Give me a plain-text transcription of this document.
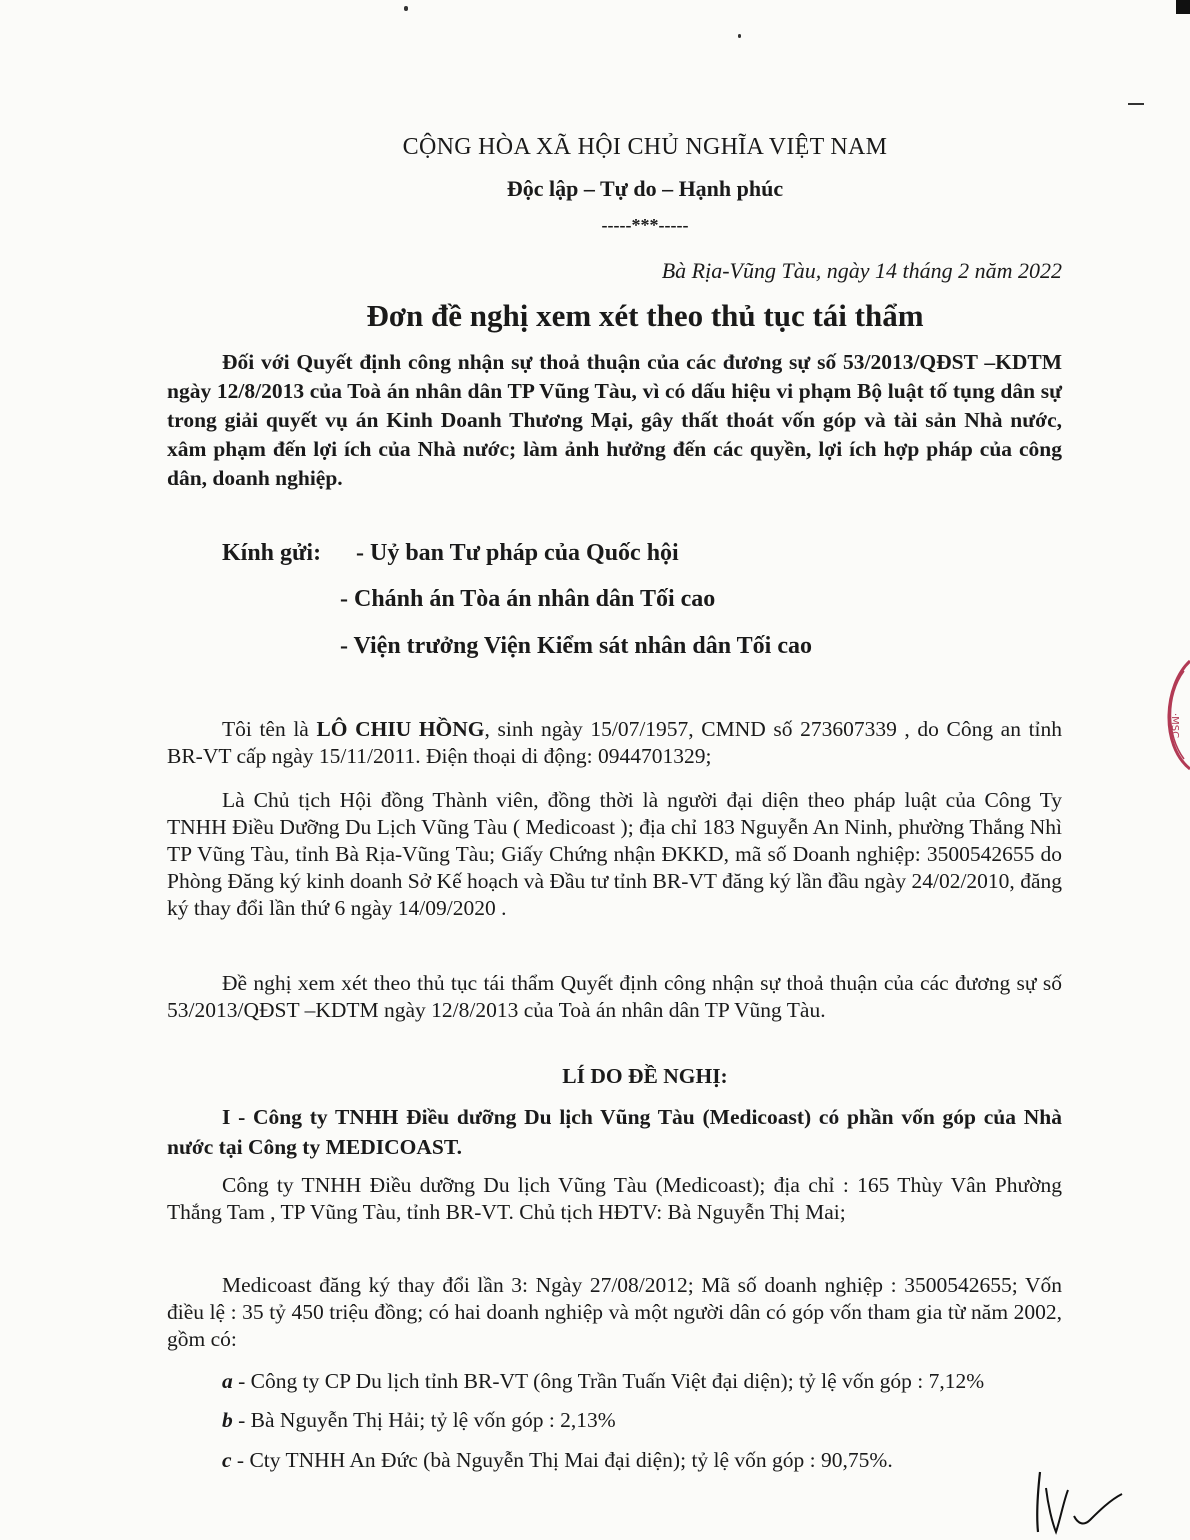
CỘNG HÒA XÃ HỘI CHỦ NGHĨA VIỆT NAM
Độc lập – Tự do – Hạnh phúc
-----***-----
Bà Rịa-Vũng Tàu, ngày 14 tháng 2 năm 2022
Đơn đề nghị xem xét theo thủ tục tái thẩm
Đối với Quyết định công nhận sự thoả thuận của các đương sự số 53/2013/QĐST –KDTM ngày 12/8/2013 của Toà án nhân dân TP Vũng Tàu, vì có dấu hiệu vi phạm Bộ luật tố tụng dân sự trong giải quyết vụ án Kinh Doanh Thương Mại, gây thất thoát vốn góp và tài sản Nhà nước, xâm phạm đến lợi ích của Nhà nước; làm ảnh hưởng đến các quyền, lợi ích hợp pháp của công dân, doanh nghiệp.
Kính gửi: - Uỷ ban Tư pháp của Quốc hội
- Chánh án Tòa án nhân dân Tối cao
- Viện trưởng Viện Kiểm sát nhân dân Tối cao
Tôi tên là LÔ CHIU HỒNG, sinh ngày 15/07/1957, CMND số 273607339 , do Công an tỉnh BR-VT cấp ngày 15/11/2011. Điện thoại di động: 0944701329;
Là Chủ tịch Hội đồng Thành viên, đồng thời là người đại diện theo pháp luật của Công Ty TNHH Điều Dưỡng Du Lịch Vũng Tàu ( Medicoast ); địa chỉ 183 Nguyễn An Ninh, phường Thắng Nhì TP Vũng Tàu, tỉnh Bà Rịa-Vũng Tàu; Giấy Chứng nhận ĐKKD, mã số Doanh nghiệp: 3500542655 do Phòng Đăng ký kinh doanh Sở Kế hoạch và Đầu tư tỉnh BR-VT đăng ký lần đầu ngày 24/02/2010, đăng ký thay đổi lần thứ 6 ngày 14/09/2020 .
Đề nghị xem xét theo thủ tục tái thẩm Quyết định công nhận sự thoả thuận của các đương sự số 53/2013/QĐST –KDTM ngày 12/8/2013 của Toà án nhân dân TP Vũng Tàu.
LÍ DO ĐỀ NGHỊ:
I - Công ty TNHH Điều dưỡng Du lịch Vũng Tàu (Medicoast) có phần vốn góp của Nhà nước tại Công ty MEDICOAST.
Công ty TNHH Điều dưỡng Du lịch Vũng Tàu (Medicoast); địa chỉ : 165 Thùy Vân Phường Thắng Tam , TP Vũng Tàu, tỉnh BR-VT. Chủ tịch HĐTV: Bà Nguyễn Thị Mai;
Medicoast đăng ký thay đổi lần 3: Ngày 27/08/2012; Mã số doanh nghiệp : 3500542655; Vốn điều lệ : 35 tỷ 450 triệu đồng; có hai doanh nghiệp và một người dân có góp vốn tham gia từ năm 2002, gồm có:
a - Công ty CP Du lịch tỉnh BR-VT (ông Trần Tuấn Việt đại diện); tỷ lệ vốn góp : 7,12%
b - Bà Nguyễn Thị Hải; tỷ lệ vốn góp : 2,13%
c - Cty TNHH An Đức (bà Nguyễn Thị Mai đại diện); tỷ lệ vốn góp : 90,75%.
·MSC
